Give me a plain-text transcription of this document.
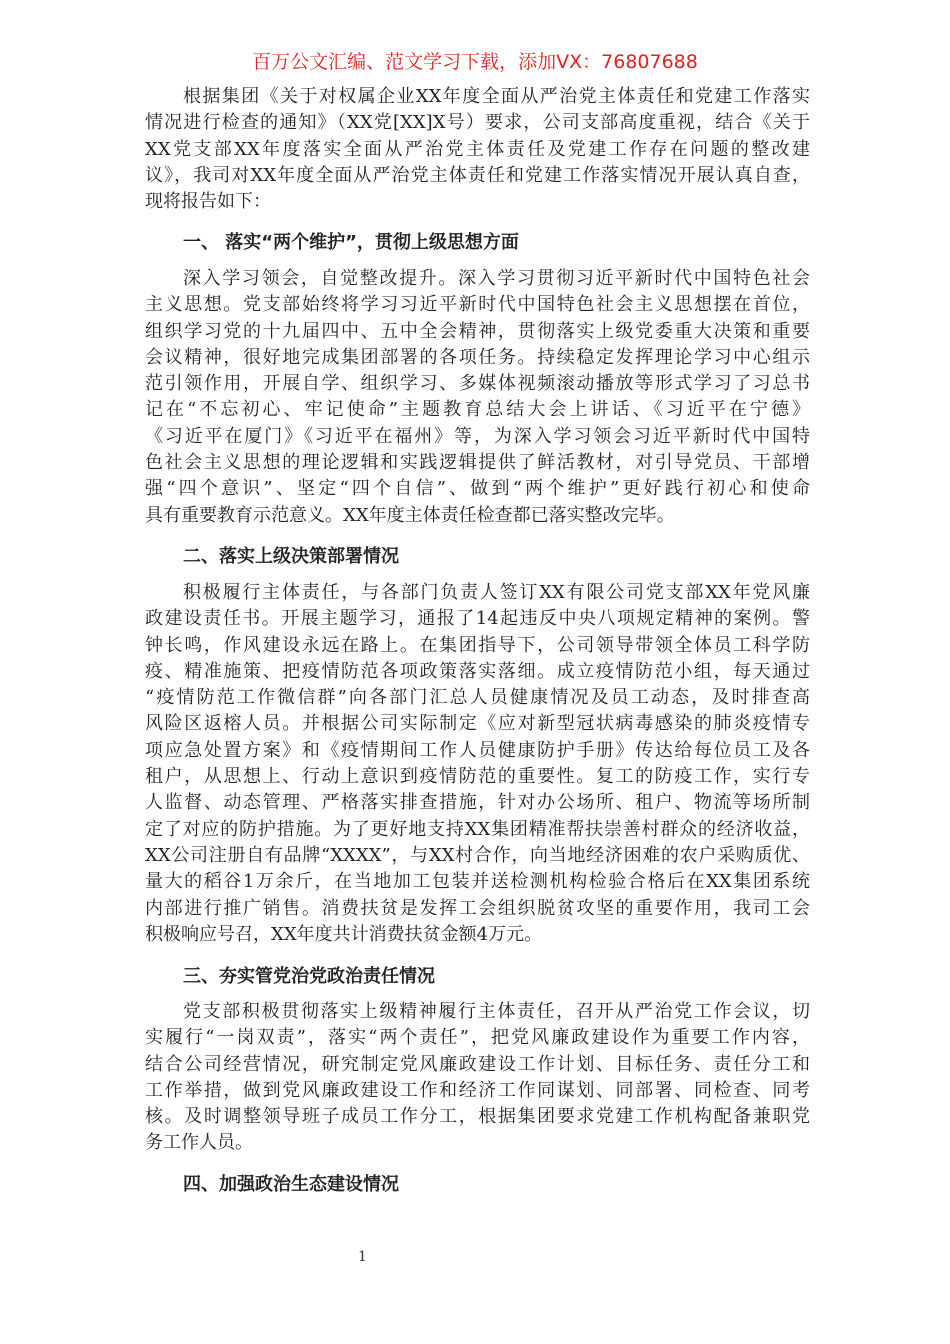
百万公文汇编、范文学习下载，添加VX：76807688
根据集团《关于对权属企业XX年度全面从严治党主体责任和党建工作落实
情况进行检查的通知》（XX党[XX]X号）要求，公司支部高度重视，结合《关于
XX党支部XX年度落实全面从严治党主体责任及党建工作存在问题的整改建
议》，我司对XX年度全面从严治党主体责任和党建工作落实情况开展认真自查，
现将报告如下：
一、 落实“两个维护”，贯彻上级思想方面
深入学习领会，自觉整改提升。深入学习贯彻习近平新时代中国特色社会
主义思想。党支部始终将学习习近平新时代中国特色社会主义思想摆在首位，
组织学习党的十九届四中、五中全会精神，贯彻落实上级党委重大决策和重要
会议精神，很好地完成集团部署的各项任务。持续稳定发挥理论学习中心组示
范引领作用，开展自学、组织学习、多媒体视频滚动播放等形式学习了习总书
记在“不忘初心、牢记使命”主题教育总结大会上讲话、《习近平在宁德》
《习近平在厦门》《习近平在福州》等，为深入学习领会习近平新时代中国特
色社会主义思想的理论逻辑和实践逻辑提供了鲜活教材，对引导党员、干部增
强“四个意识”、坚定“四个自信”、做到“两个维护”更好践行初心和使命
具有重要教育示范意义。XX年度主体责任检查都已落实整改完毕。
二、落实上级决策部署情况
积极履行主体责任，与各部门负责人签订XX有限公司党支部XX年党风廉
政建设责任书。开展主题学习，通报了14起违反中央八项规定精神的案例。警
钟长鸣，作风建设永远在路上。在集团指导下，公司领导带领全体员工科学防
疫、精准施策、把疫情防范各项政策落实落细。成立疫情防范小组，每天通过
“疫情防范工作微信群”向各部门汇总人员健康情况及员工动态，及时排查高
风险区返榕人员。并根据公司实际制定《应对新型冠状病毒感染的肺炎疫情专
项应急处置方案》和《疫情期间工作人员健康防护手册》传达给每位员工及各
租户，从思想上、行动上意识到疫情防范的重要性。复工的防疫工作，实行专
人监督、动态管理、严格落实排查措施，针对办公场所、租户、物流等场所制
定了对应的防护措施。为了更好地支持XX集团精准帮扶崇善村群众的经济收益，
XX公司注册自有品牌“XXXX”，与XX村合作，向当地经济困难的农户采购质优、
量大的稻谷1万余斤，在当地加工包装并送检测机构检验合格后在XX集团系统
内部进行推广销售。消费扶贫是发挥工会组织脱贫攻坚的重要作用，我司工会
积极响应号召，XX年度共计消费扶贫金额4万元。
三、夯实管党治党政治责任情况
党支部积极贯彻落实上级精神履行主体责任，召开从严治党工作会议，切
实履行“一岗双责”，落实“两个责任”，把党风廉政建设作为重要工作内容，
结合公司经营情况，研究制定党风廉政建设工作计划、目标任务、责任分工和
工作举措，做到党风廉政建设工作和经济工作同谋划、同部署、同检查、同考
核。及时调整领导班子成员工作分工，根据集团要求党建工作机构配备兼职党
务工作人员。
四、加强政治生态建设情况
1
